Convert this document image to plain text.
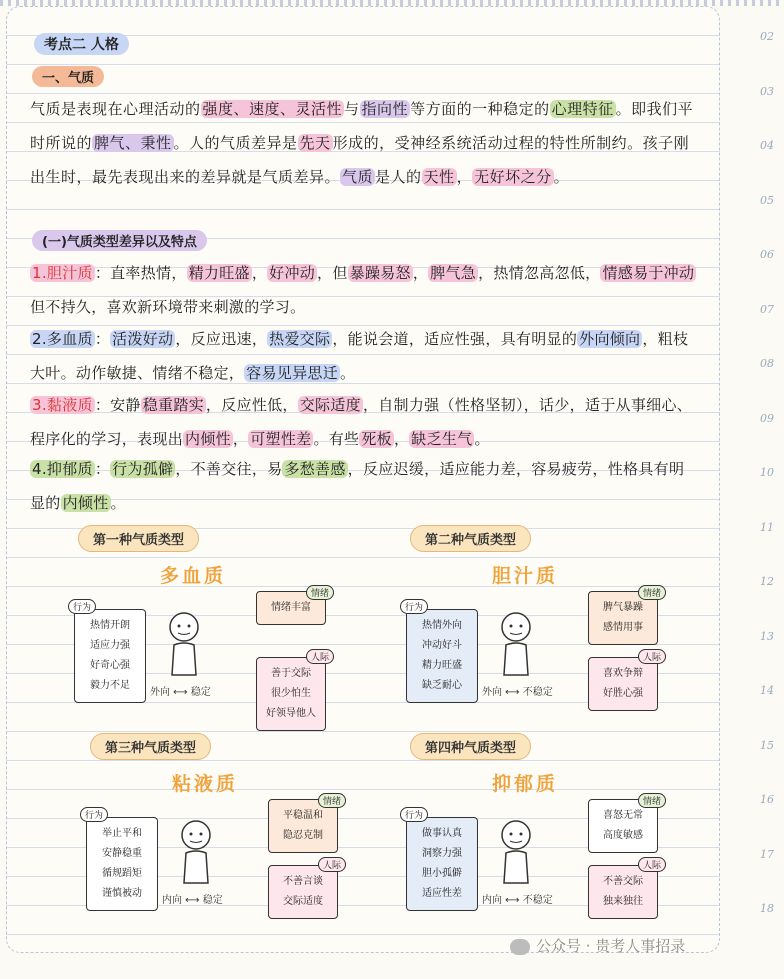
02
03
04
05
06
07
08
09
10
11
12
13
14
15
16
17
18
考点二 人格
一、气质
气质是表现在心理活动的 强度、速度、灵活性 与 指向性 等方面的一种稳定的 心理特征 。即我们平时所说的 脾气、秉性 。人的气质差异是 先天 形成的，受神经系统活动过程的特性所制约。孩子刚出生时，最先表现出来的差异就是气质差异。 气质 是人的 天性 ， 无好坏之分 。
(一)气质类型差异以及特点
1.胆汁质 ：直率热情， 精力旺盛 ， 好冲动 ，但 暴躁易怒 ， 脾气急 ，热情忽高忽低， 情感易于冲动但不持久，喜欢新环境带来刺激的学习。
2.多血质 ： 活泼好动 ，反应迅速， 热爱交际 ，能说会道，适应性强，具有明显的 外向倾向 ，粗枝大叶。动作敏捷、情绪不稳定， 容易见异思迁 。
3.黏液质 ：安静 稳重踏实 ，反应性低， 交际适度 ，自制力强（性格坚韧），话少，适于从事细心、程序化的学习，表现出 内倾性 ， 可塑性差 。有些 死板 ， 缺乏生气 。
4.抑郁质 ： 行为孤僻 ，不善交往，易 多愁善感 ，反应迟缓，适应能力差，容易疲劳，性格具有明显的 内倾性 。
第一种气质类型
多血质
热情开朗
适应力强
好奇心强
毅力不足
行为
外向 ⟷ 稳定
情绪丰富
情绪
善于交际
很少怕生
好领导他人
人际
第二种气质类型
胆汁质
热情外向
冲动好斗
精力旺盛
缺乏耐心
行为
外向 ⟷ 不稳定
脾气暴躁
感情用事
情绪
喜欢争辩
好胜心强
人际
第三种气质类型
粘液质
举止平和
安静稳重
循规蹈矩
谨慎被动
行为
内向 ⟷ 稳定
平稳温和
隐忍克制
情绪
不善言谈
交际适度
人际
第四种气质类型
抑郁质
做事认真
洞察力强
胆小孤僻
适应性差
行为
内向 ⟷ 不稳定
喜怒无常
高度敏感
情绪
不善交际
独来独往
人际
公众号 · 贵考人事招录
